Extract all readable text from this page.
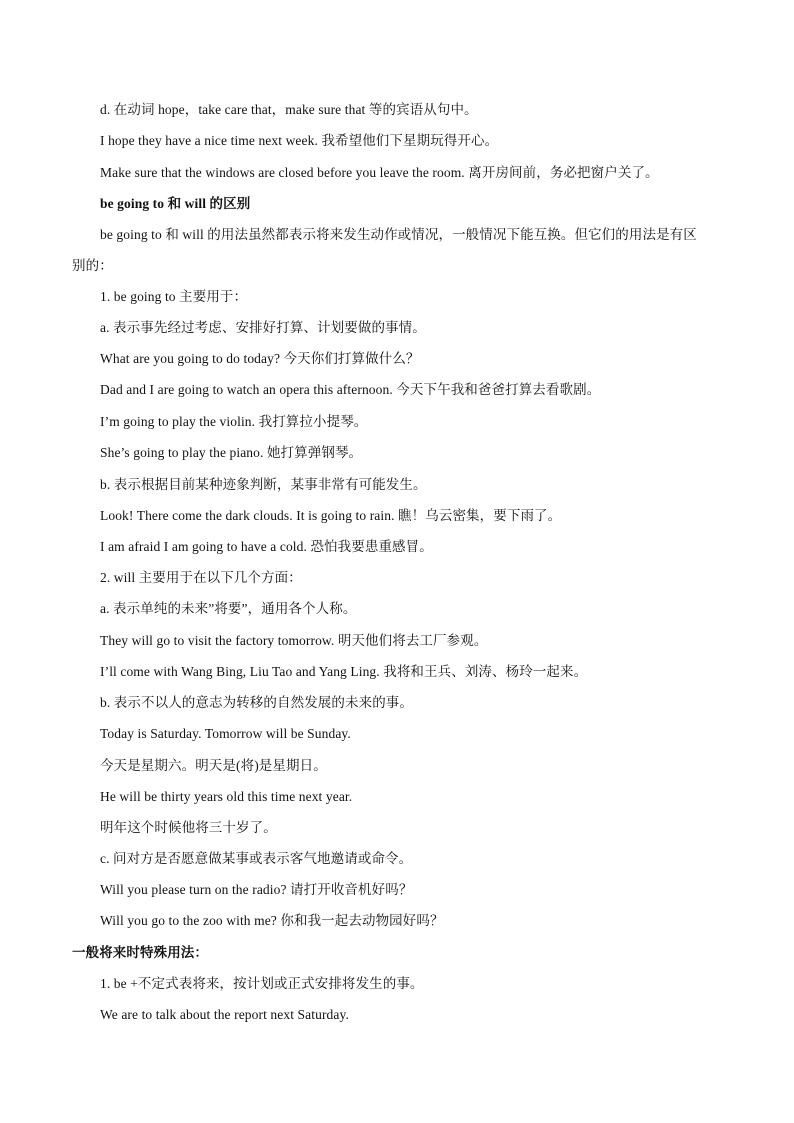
d. 在动词 hope，take care that，make sure that 等的宾语从句中。
I hope they have a nice time next week. 我希望他们下星期玩得开心。
Make sure that the windows are closed before you leave the room. 离开房间前，务必把窗户关了。
be going to 和 will 的区别
be going to 和 will 的用法虽然都表示将来发生动作或情况，一般情况下能互换。但它们的用法是有区
别的：
1. be going to 主要用于：
a. 表示事先经过考虑、安排好打算、计划要做的事情。
What are you going to do today? 今天你们打算做什么？
Dad and I are going to watch an opera this afternoon. 今天下午我和爸爸打算去看歌剧。
I’m going to play the violin. 我打算拉小提琴。
She’s going to play the piano. 她打算弹钢琴。
b. 表示根据目前某种迹象判断，某事非常有可能发生。
Look! There come the dark clouds. It is going to rain. 瞧！乌云密集，要下雨了。
I am afraid I am going to have a cold. 恐怕我要患重感冒。
2. will 主要用于在以下几个方面：
a. 表示单纯的未来”将要”，通用各个人称。
They will go to visit the factory tomorrow. 明天他们将去工厂参观。
I’ll come with Wang Bing, Liu Tao and Yang Ling. 我将和王兵、刘涛、杨玲一起来。
b. 表示不以人的意志为转移的自然发展的未来的事。
Today is Saturday. Tomorrow will be Sunday.
今天是星期六。明天是(将)是星期日。
He will be thirty years old this time next year.
明年这个时候他将三十岁了。
c. 问对方是否愿意做某事或表示客气地邀请或命令。
Will you please turn on the radio? 请打开收音机好吗？
Will you go to the zoo with me? 你和我一起去动物园好吗？
一般将来时特殊用法：
1. be +不定式表将来，按计划或正式安排将发生的事。
We are to talk about the report next Saturday.
